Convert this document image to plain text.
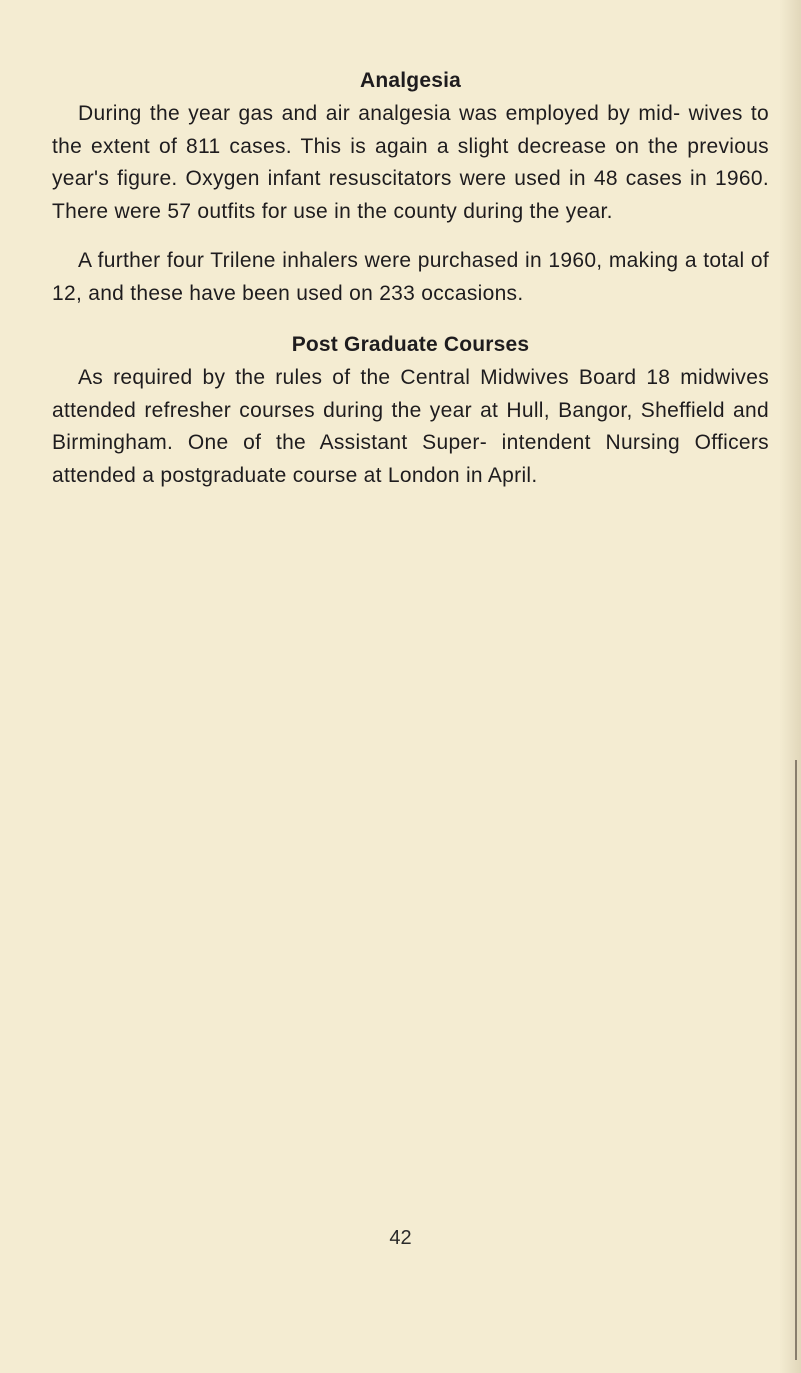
Analgesia

During the year gas and air analgesia was employed by mid- wives to the extent of 811 cases. This is again a slight decrease on the previous year's figure. Oxygen infant resuscitators were used in 48 cases in 1960. There were 57 outfits for use in the county during the year.

A further four Trilene inhalers were purchased in 1960, making a total of 12, and these have been used on 233 occasions.

Post Graduate Courses

As required by the rules of the Central Midwives Board 18 midwives attended refresher courses during the year at Hull, Bangor, Sheffield and Birmingham. One of the Assistant Super- intendent Nursing Officers attended a postgraduate course at London in April.

42
